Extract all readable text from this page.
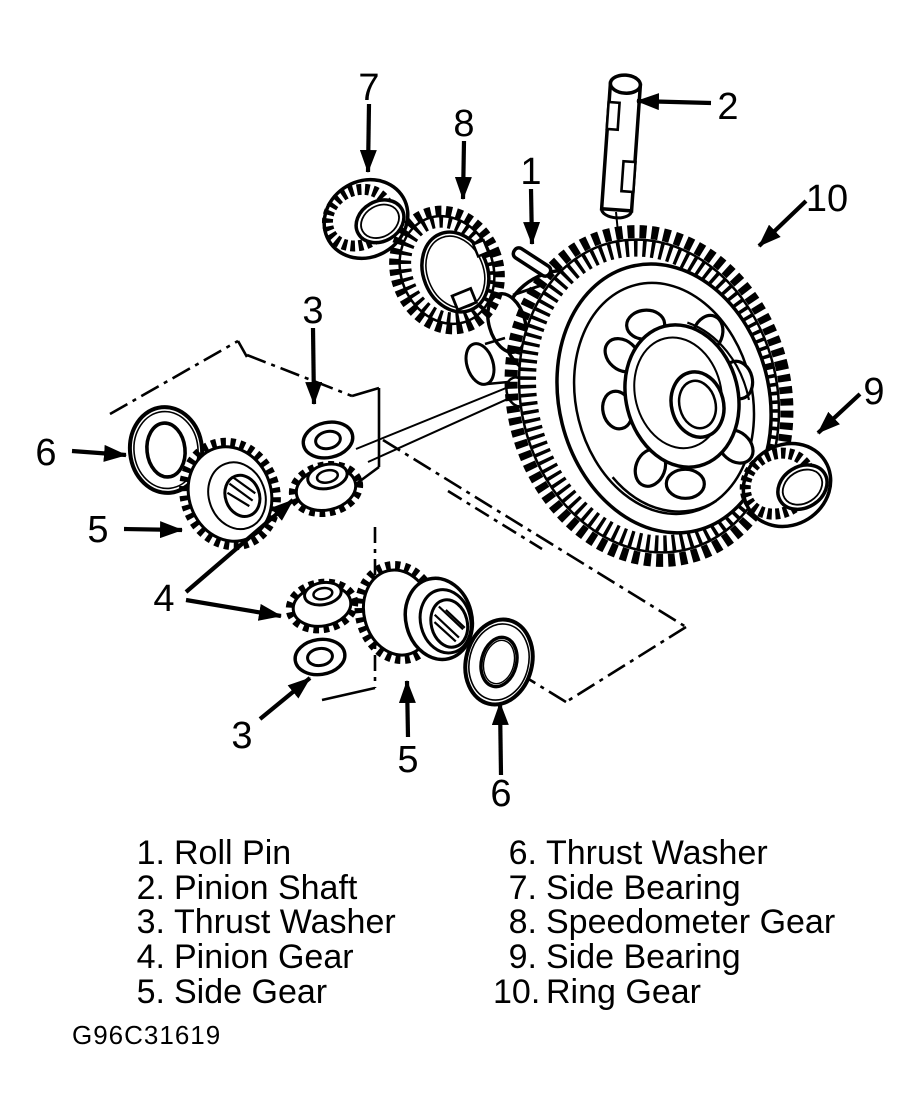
7
8
1
2
10
9
6
5
3
4
3
5
6
1. Roll Pin
2. Pinion Shaft
3. Thrust Washer
4. Pinion Gear
5. Side Gear
6. Thrust Washer
7. Side Bearing
8. Speedometer Gear
9. Side Bearing
10. Ring Gear
G96C31619
